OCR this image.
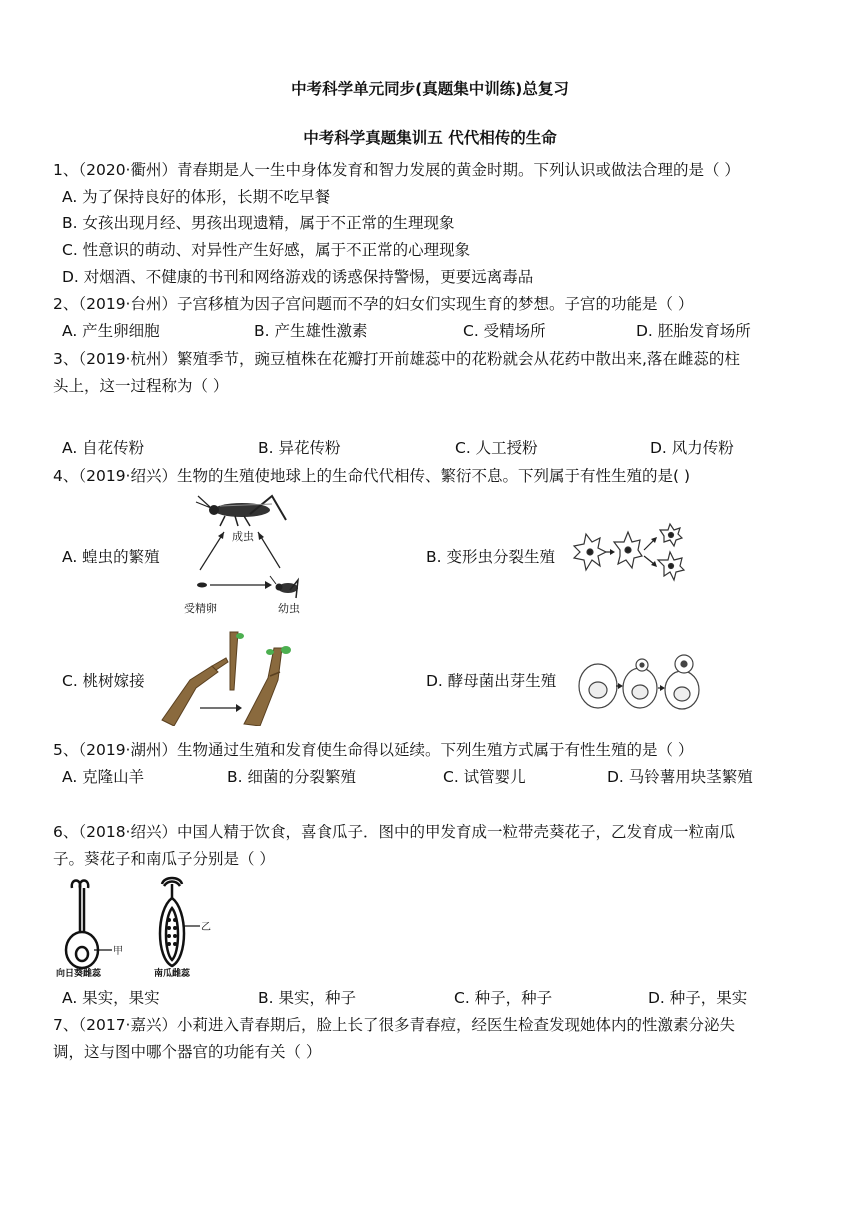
中考科学单元同步(真题集中训练)总复习
中考科学真题集训五 代代相传的生命
1、（2020·衢州）青春期是人一生中身体发育和智力发展的黄金时期。下列认识或做法合理的是（ ）
A. 为了保持良好的体形，长期不吃早餐
B. 女孩出现月经、男孩出现遗精，属于不正常的生理现象
C. 性意识的萌动、对异性产生好感，属于不正常的心理现象
D. 对烟酒、不健康的书刊和网络游戏的诱惑保持警惕，更要远离毒品
2、（2019·台州）子宫移植为因子宫问题而不孕的妇女们实现生育的梦想。子宫的功能是（ ）
A. 产生卵细胞	B. 产生雄性激素	C. 受精场所	D. 胚胎发育场所
3、（2019·杭州）繁殖季节，豌豆植株在花瓣打开前雄蕊中的花粉就会从花药中散出来,落在雌蕊的柱
头上，这一过程称为（ ）
A. 自花传粉	B. 异花传粉	C. 人工授粉	D. 风力传粉
4、（2019·绍兴）生物的生殖使地球上的生命代代相传、繁衍不息。下列属于有性生殖的是( )
A. 蝗虫的繁殖	B. 变形虫分裂生殖
C. 桃树嫁接	D. 酵母菌出芽生殖
成虫
受精卵	幼虫
5、（2019·湖州）生物通过生殖和发育使生命得以延续。下列生殖方式属于有性生殖的是（ ）
A. 克隆山羊	B. 细菌的分裂繁殖	C. 试管婴儿	D. 马铃薯用块茎繁殖
6、（2018·绍兴）中国人精于饮食，喜食瓜子．图中的甲发育成一粒带壳葵花子，乙发育成一粒南瓜
子。葵花子和南瓜子分别是（ ）
甲
向日葵雌蕊
乙
南瓜雌蕊
A. 果实，果实	B. 果实，种子	C. 种子，种子	D. 种子，果实
7、（2017·嘉兴）小莉进入青春期后，脸上长了很多青春痘，经医生检查发现她体内的性激素分泌失
调，这与图中哪个器官的功能有关（ ）
